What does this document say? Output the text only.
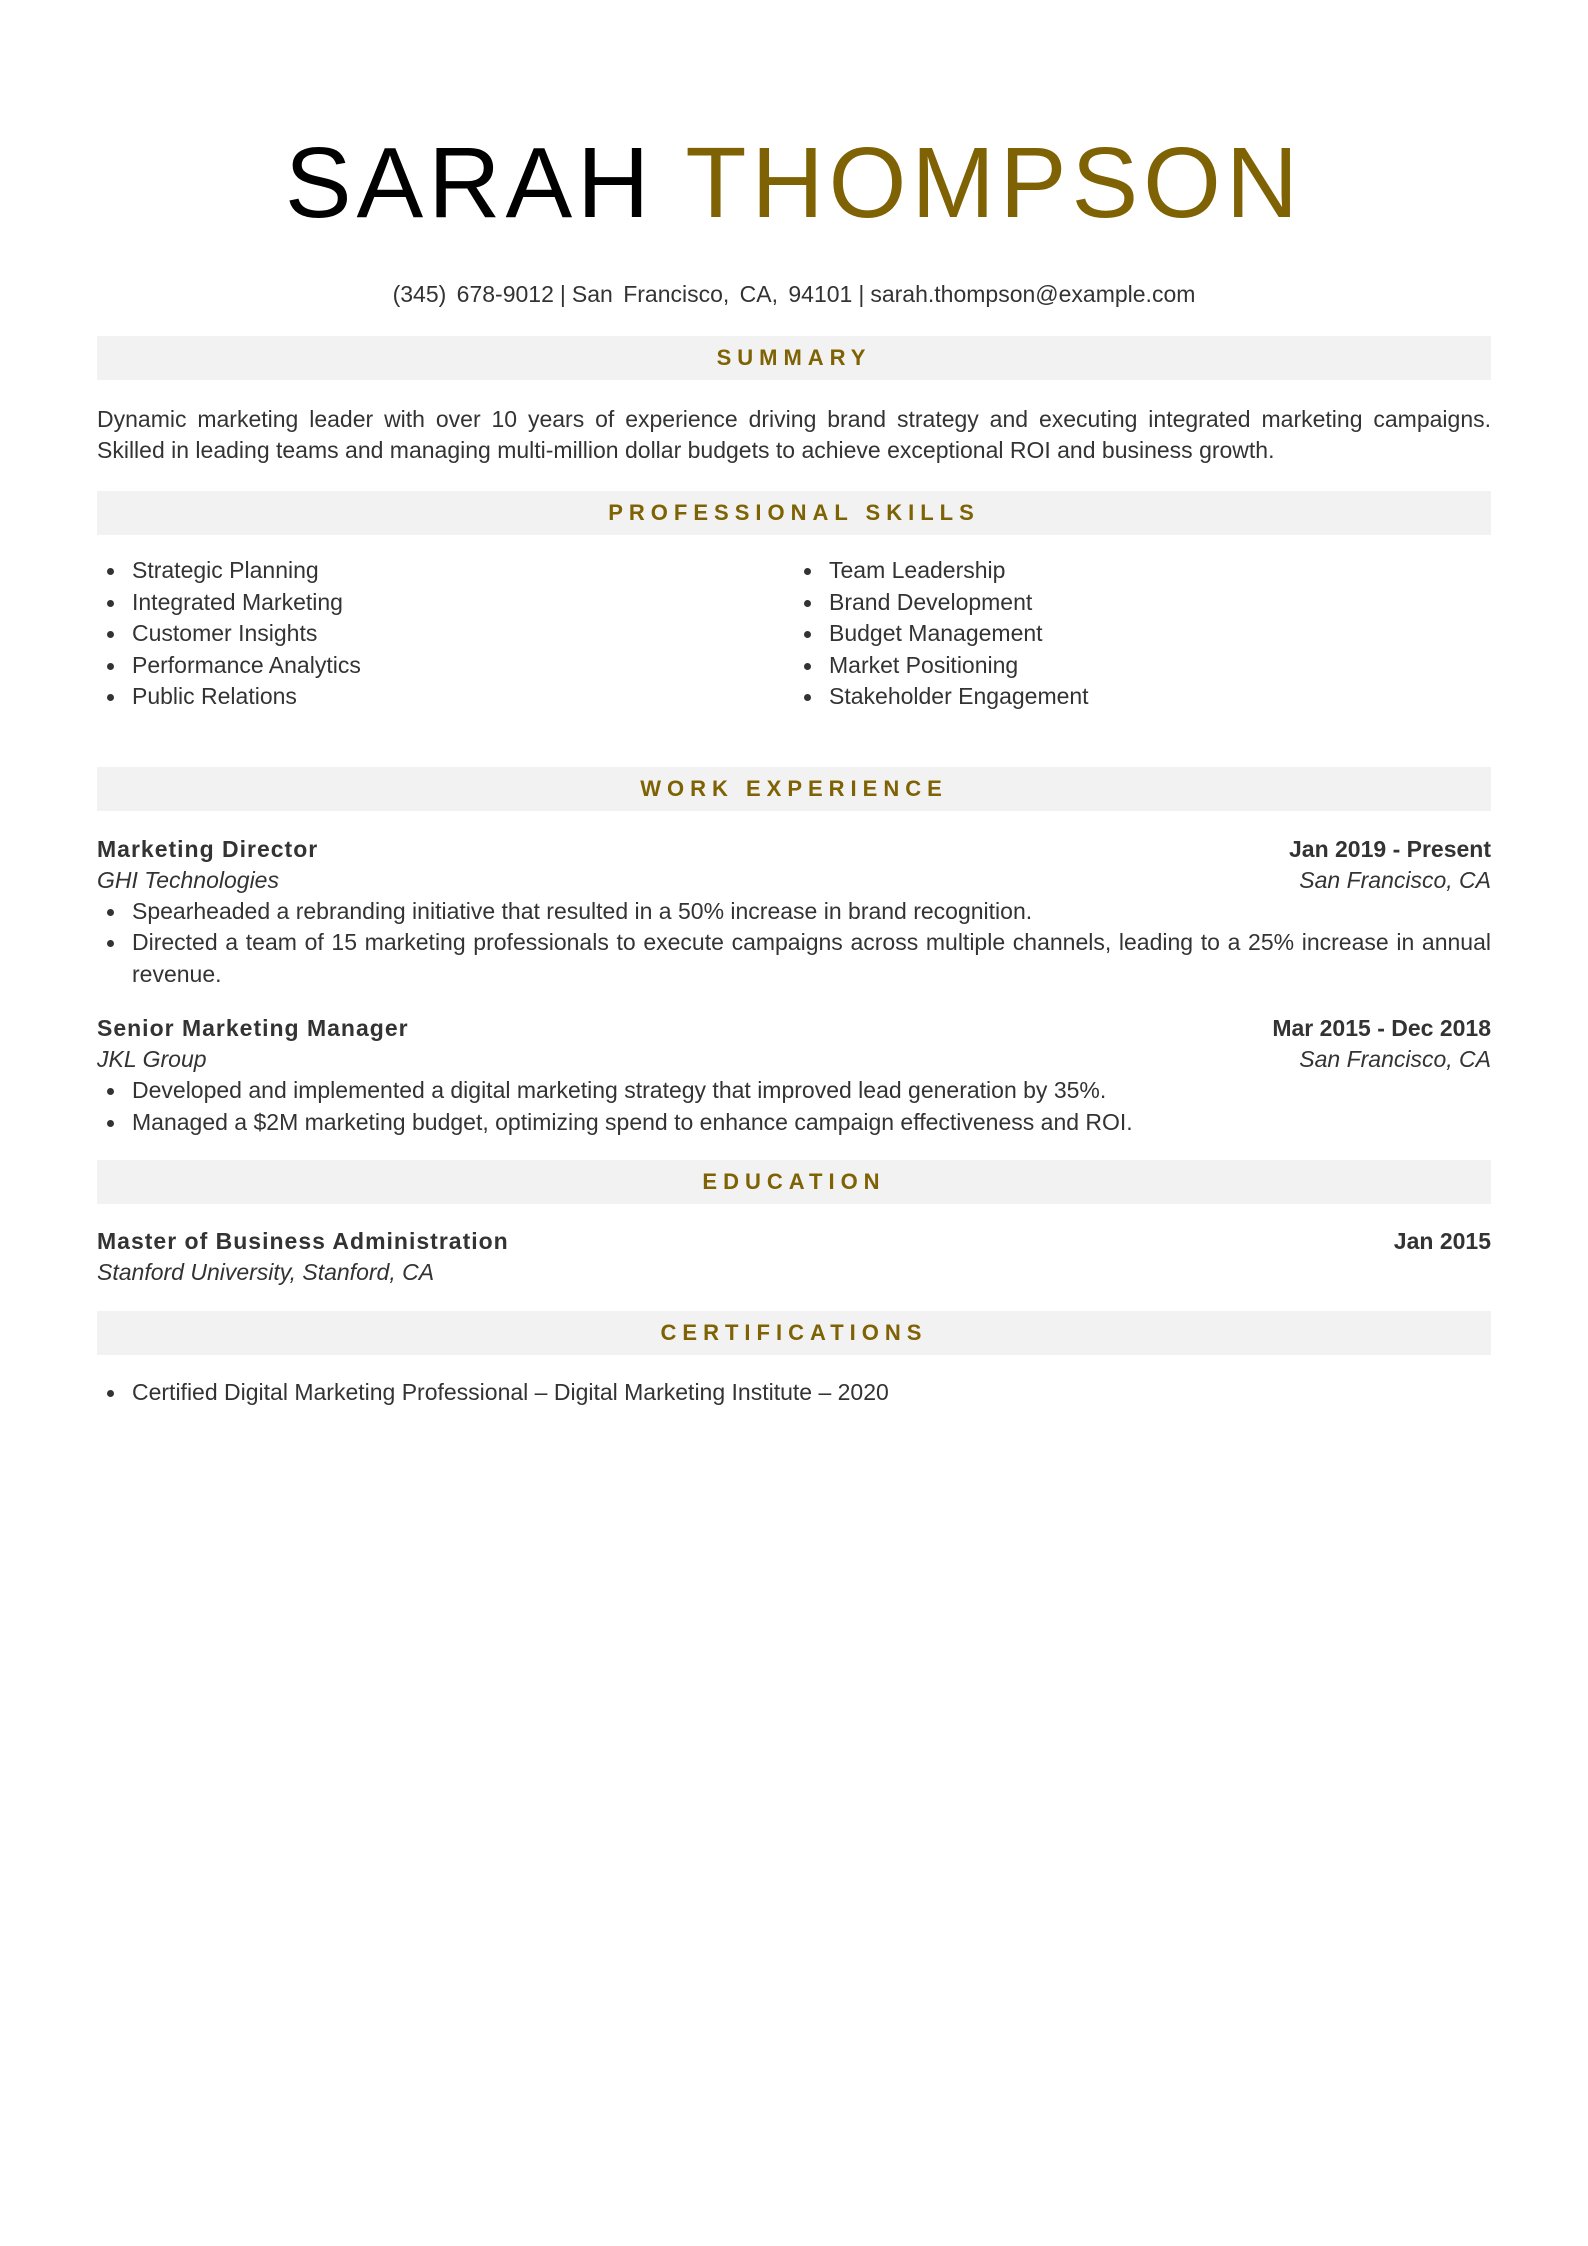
SARAH THOMPSON
(345) 678-9012 | San Francisco, CA, 94101 | sarah.thompson@example.com
SUMMARY

Dynamic marketing leader with over 10 years of experience driving brand strategy and executing integrated marketing campaigns. Skilled in leading teams and managing multi-million dollar budgets to achieve exceptional ROI and business growth.

PROFESSIONAL SKILLS
Strategic Planning
Integrated Marketing
Customer Insights
Performance Analytics
Public Relations
Team Leadership
Brand Development
Budget Management
Market Positioning
Stakeholder Engagement
WORK EXPERIENCE
Marketing Director	Jan 2019 - Present
GHI Technologies	San Francisco, CA
Spearheaded a rebranding initiative that resulted in a 50% increase in brand recognition.
Directed a team of 15 marketing professionals to execute campaigns across multiple channels, leading to a 25% increase in annual revenue.
Senior Marketing Manager	Mar 2015 - Dec 2018
JKL Group	San Francisco, CA
Developed and implemented a digital marketing strategy that improved lead generation by 35%.
Managed a $2M marketing budget, optimizing spend to enhance campaign effectiveness and ROI.
EDUCATION
Master of Business Administration	Jan 2015
Stanford University, Stanford, CA
CERTIFICATIONS
Certified Digital Marketing Professional – Digital Marketing Institute – 2020
